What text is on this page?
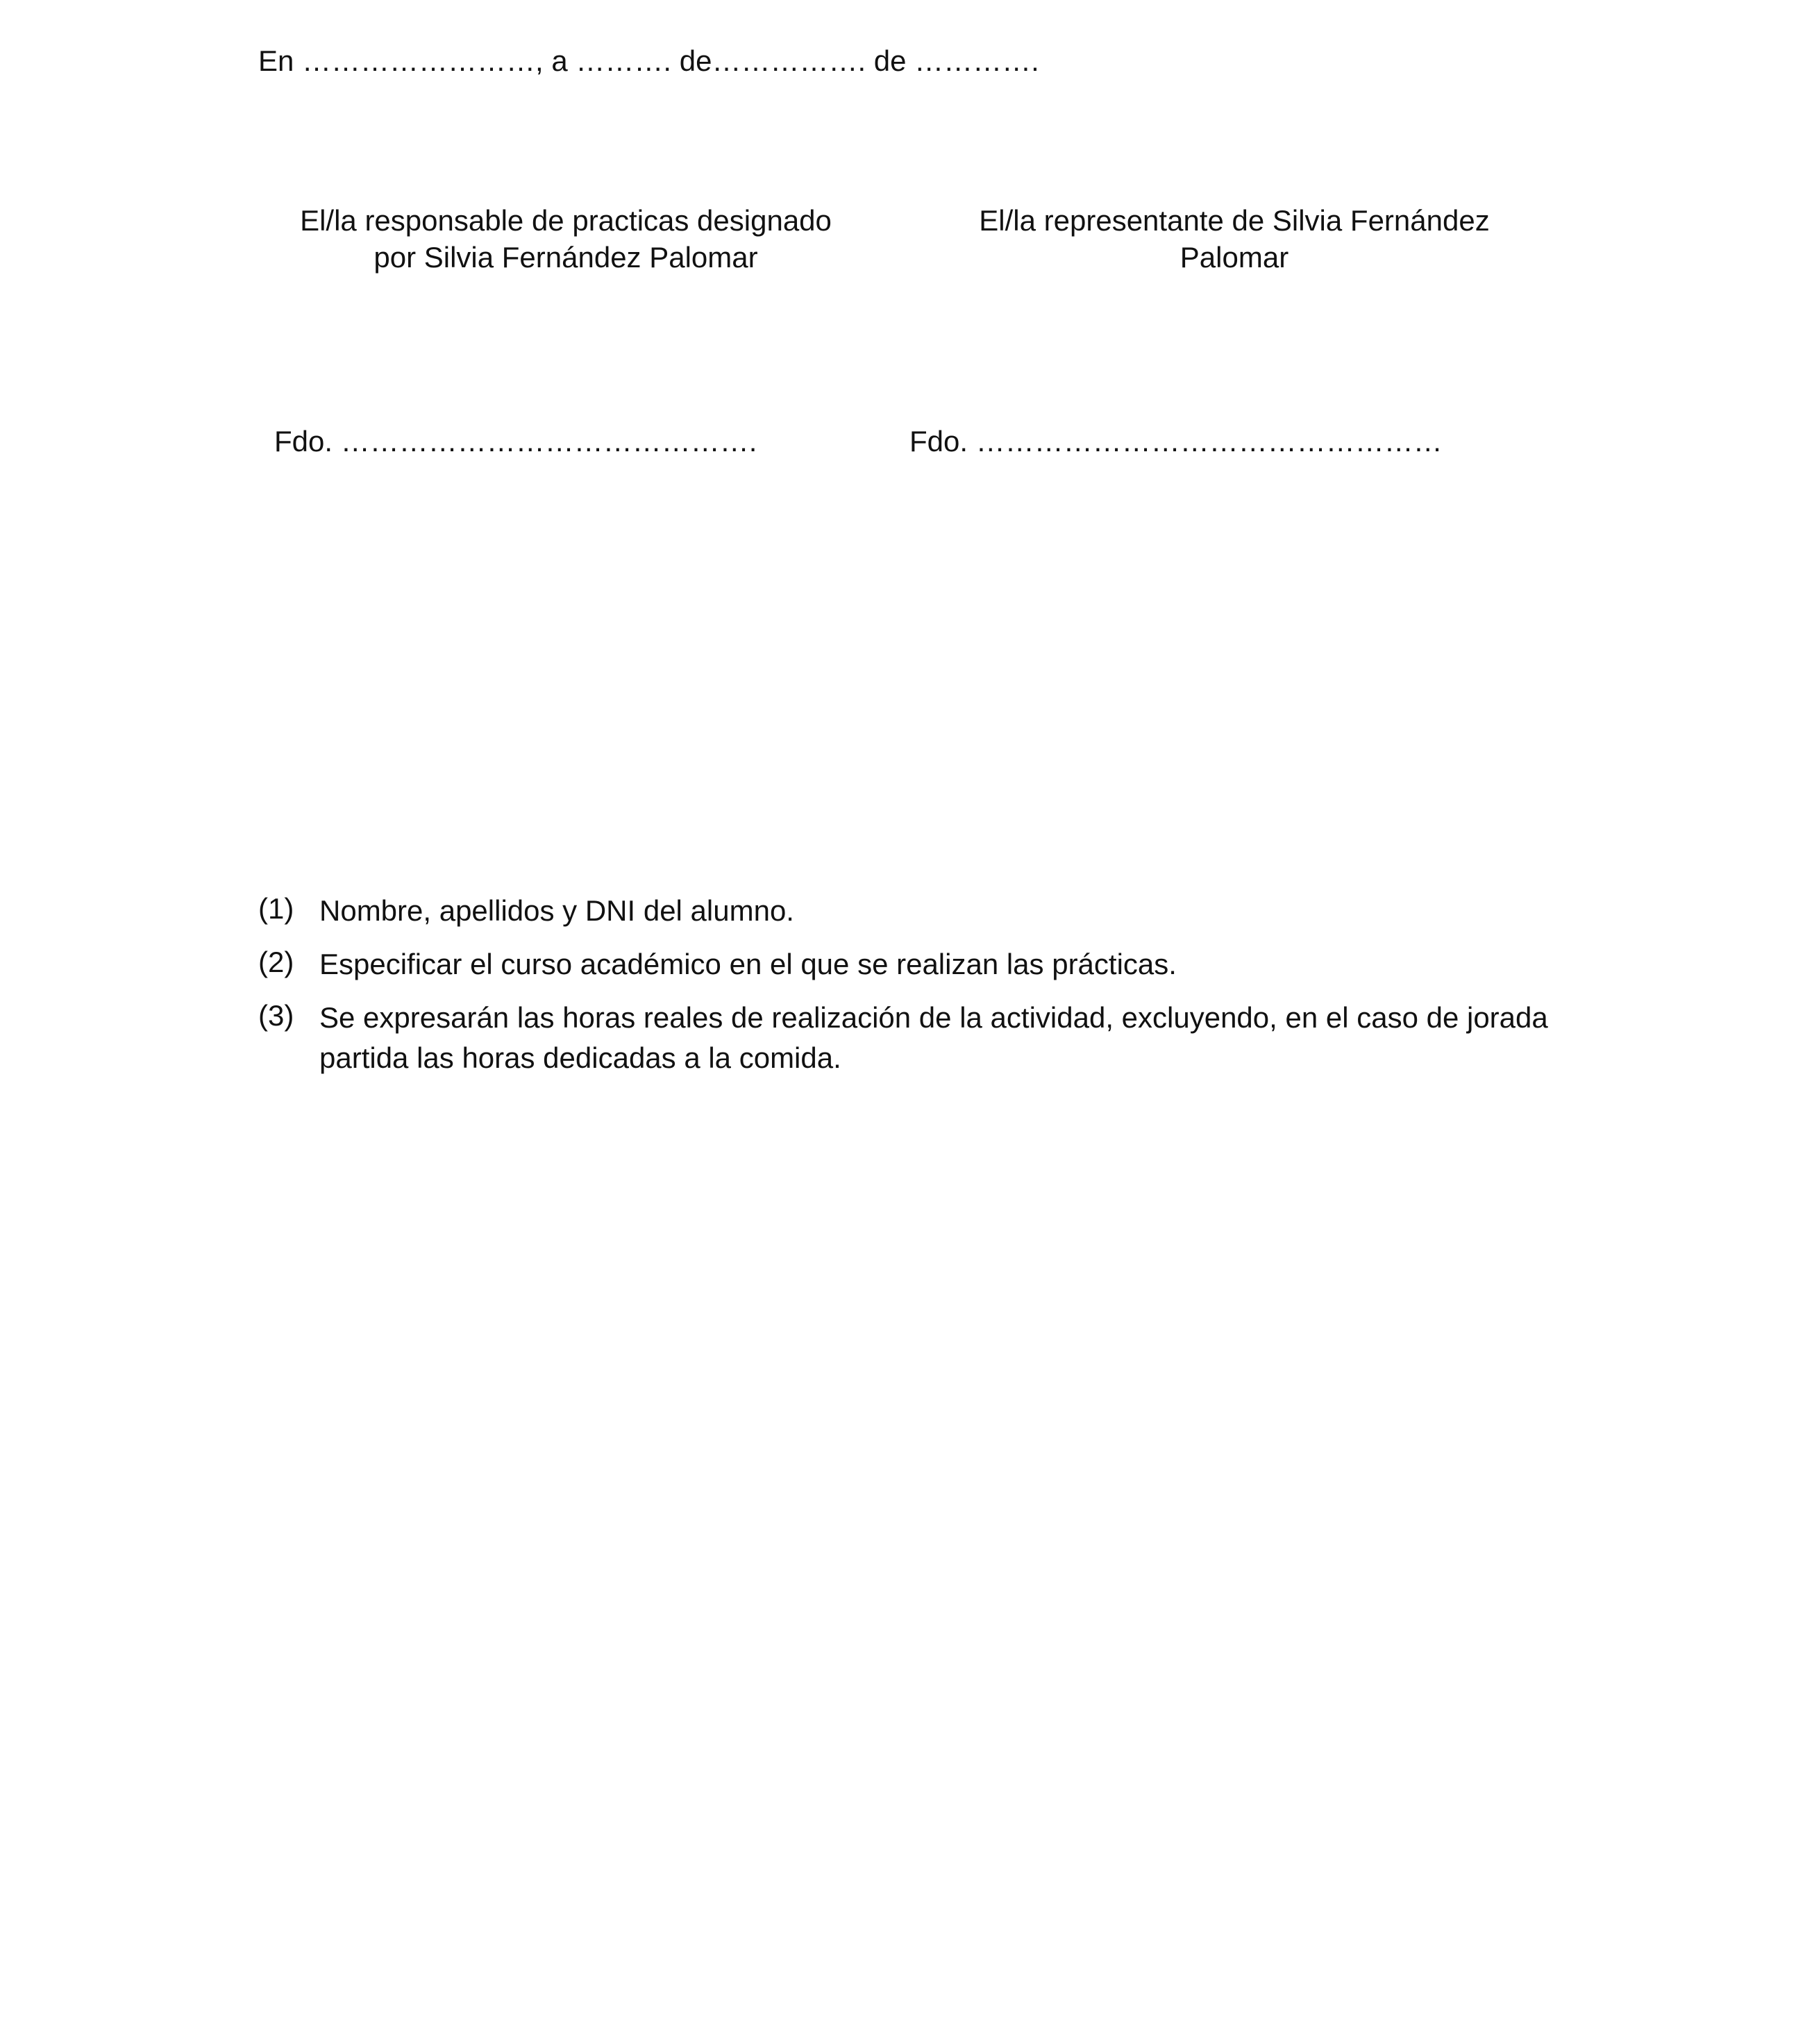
En ……………………, a ………. de……………. de ………….
El/la responsable de practicas designado
por Silvia Fernández Palomar
El/la representante de Silvia Fernández
Palomar
Fdo. …………………………………….	Fdo. …………………………………………
(1) Nombre, apellidos y DNI del alumno.
(2) Especificar el curso académico en el que se realizan las prácticas.
(3) Se expresarán las horas reales de realización de la actividad, excluyendo, en el caso de jorada partida las horas dedicadas a la comida.
